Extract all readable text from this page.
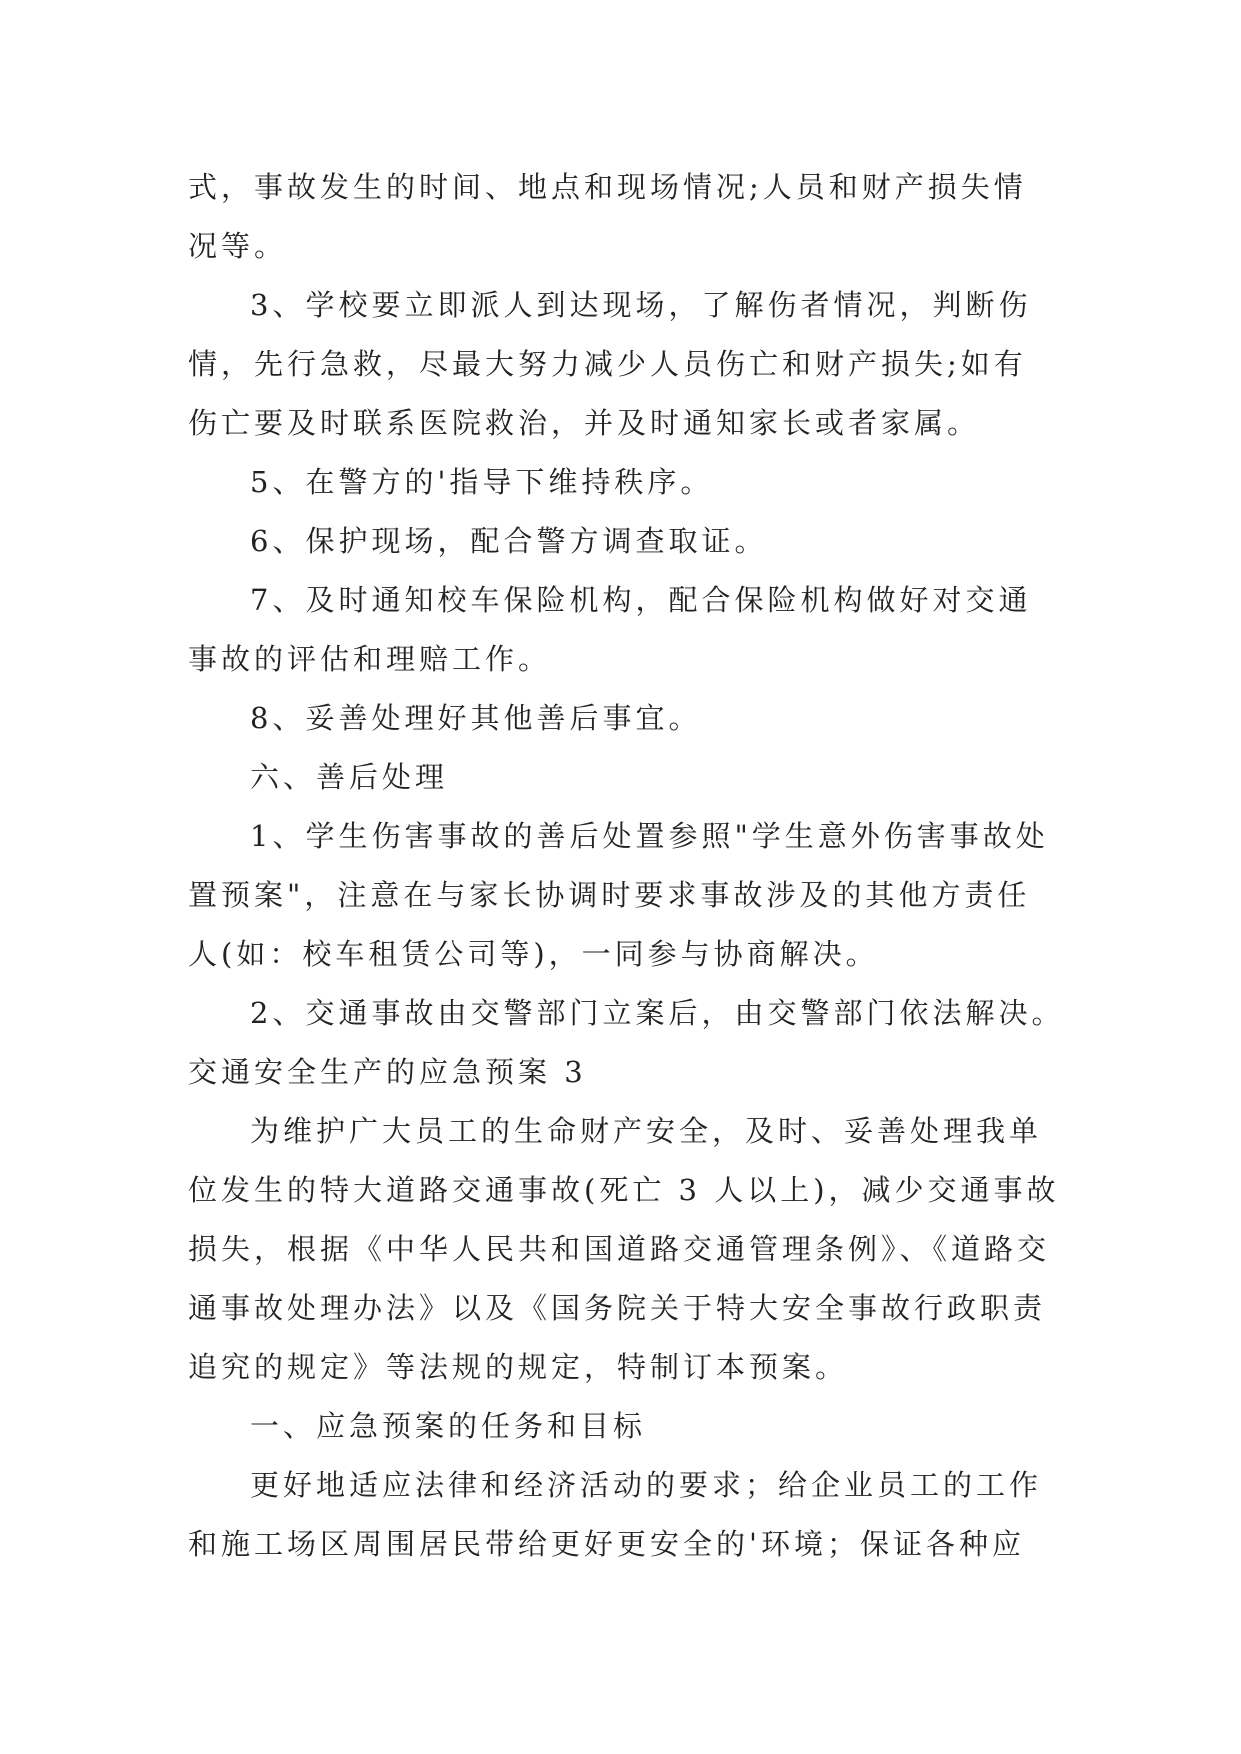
式，事故发生的时间、地点和现场情况;人员和财产损失情
况等。
3、学校要立即派人到达现场，了解伤者情况，判断伤
情，先行急救，尽最大努力减少人员伤亡和财产损失;如有
伤亡要及时联系医院救治，并及时通知家长或者家属。
5、在警方的'指导下维持秩序。
6、保护现场，配合警方调查取证。
7、及时通知校车保险机构，配合保险机构做好对交通
事故的评估和理赔工作。
8、妥善处理好其他善后事宜。
六、善后处理
1、学生伤害事故的善后处置参照"学生意外伤害事故处
置预案"，注意在与家长协调时要求事故涉及的其他方责任
人(如：校车租赁公司等)，一同参与协商解决。
2、交通事故由交警部门立案后，由交警部门依法解决。
交通安全生产的应急预案 3
为维护广大员工的生命财产安全，及时、妥善处理我单
位发生的特大道路交通事故(死亡 3 人以上)，减少交通事故
损失，根据《中华人民共和国道路交通管理条例》、《道路交
通事故处理办法》以及《国务院关于特大安全事故行政职责
追究的规定》等法规的规定，特制订本预案。
一、应急预案的任务和目标
更好地适应法律和经济活动的要求；给企业员工的工作
和施工场区周围居民带给更好更安全的'环境；保证各种应
